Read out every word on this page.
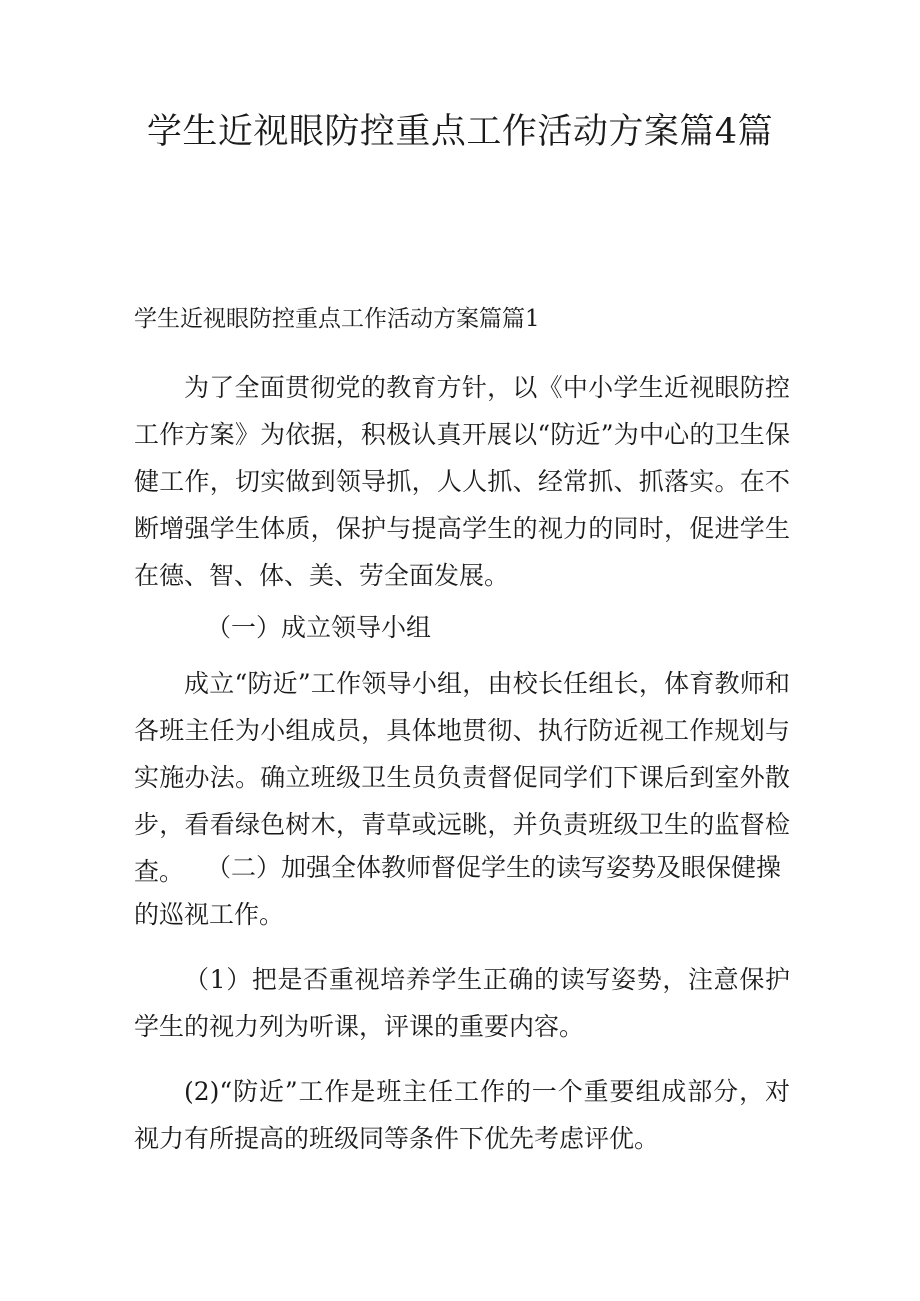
学生近视眼防控重点工作活动方案篇4篇
学生近视眼防控重点工作活动方案篇篇1

为了全面贯彻党的教育方针，以《中小学生近视眼防控工作方案》为依据，积极认真开展以“防近”为中心的卫生保健工作，切实做到领导抓，人人抓、经常抓、抓落实。在不断增强学生体质，保护与提高学生的视力的同时，促进学生在德、智、体、美、劳全面发展。

（一）成立领导小组

成立“防近”工作领导小组，由校长任组长，体育教师和各班主任为小组成员，具体地贯彻、执行防近视工作规划与实施办法。确立班级卫生员负责督促同学们下课后到室外散步，看看绿色树木，青草或远眺，并负责班级卫生的监督检查。 （二）加强全体教师督促学生的读写姿势及眼保健操的巡视工作。

（1）把是否重视培养学生正确的读写姿势，注意保护学生的视力列为听课，评课的重要内容。

(2)“防近”工作是班主任工作的一个重要组成部分，对视力有所提高的班级同等条件下优先考虑评优。
